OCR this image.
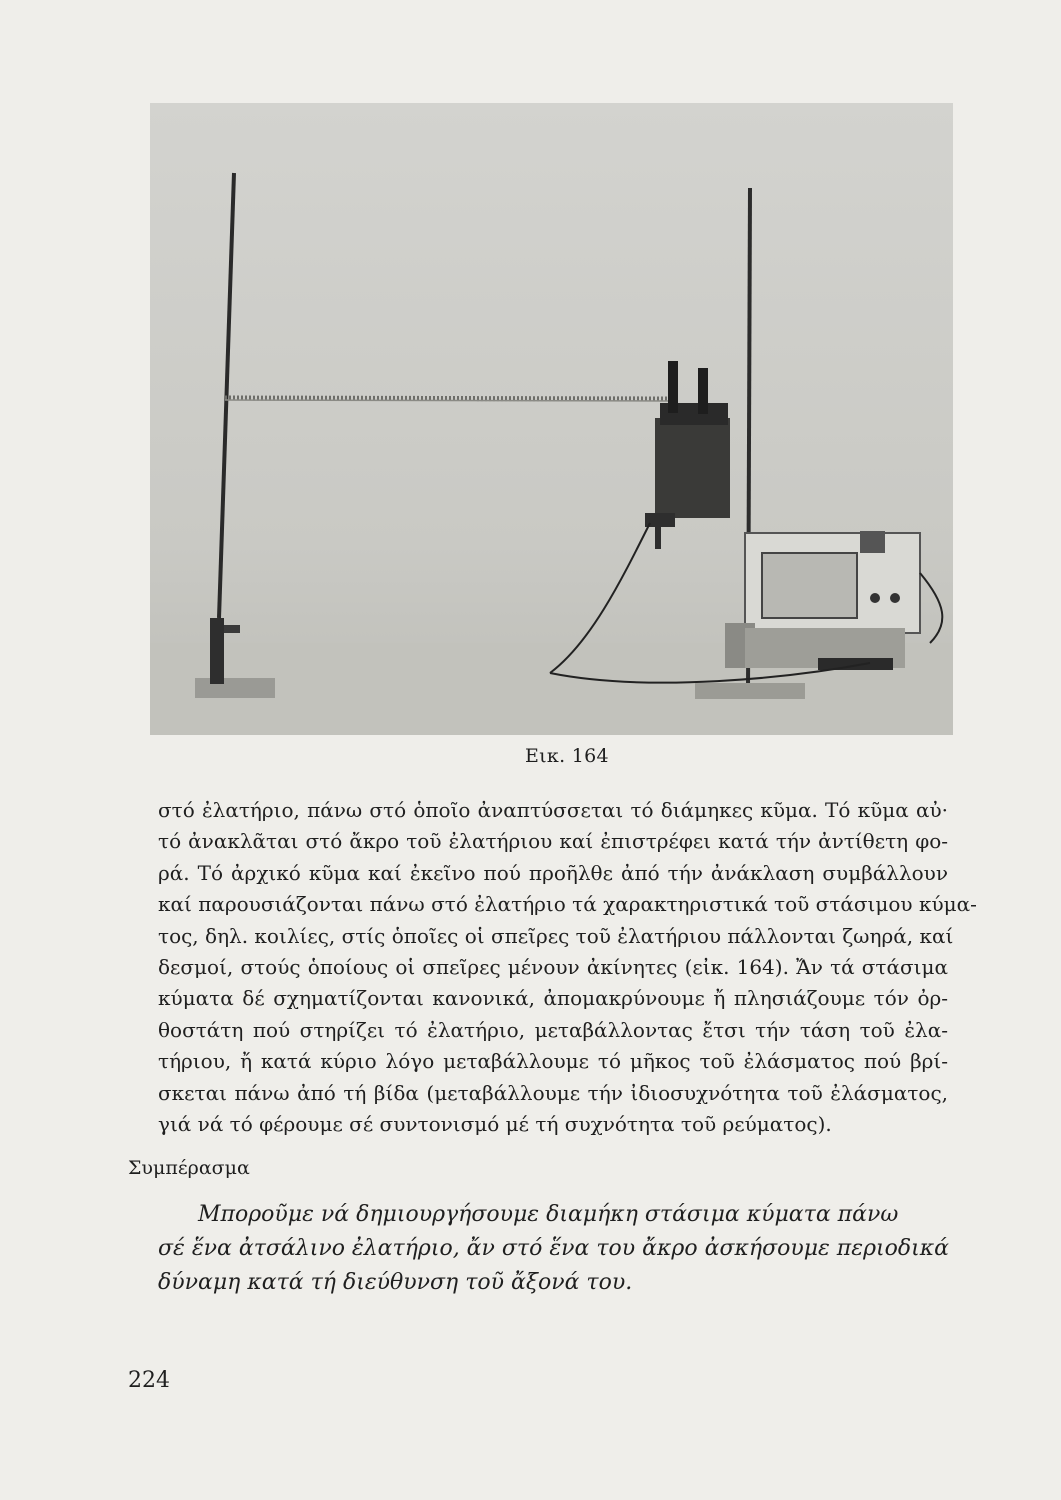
Εικ. 164
στό ἐλατήριο, πάνω στό ὁποῖο ἀναπτύσσεται τό διάμηκες κῦμα. Τό κῦμα αὐ·
τό ἀνακλᾶται στό ἄκρο τοῦ ἐλατήριου καί ἐπιστρέφει κατά τήν ἀντίθετη φο-
ρά. Τό ἀρχικό κῦμα καί ἐκεῖνο πού προῆλθε ἀπό τήν ἀνάκλαση συμβάλλουν
καί παρουσιάζονται πάνω στό ἐλατήριο τά χαρακτηριστικά τοῦ στάσιμου κύμα-
τος, δηλ. κοιλίες, στίς ὁποῖες οἱ σπεῖρες τοῦ ἐλατήριου πάλλονται ζωηρά, καί
δεσμοί, στούς ὁποίους οἱ σπεῖρες μένουν ἀκίνητες (εἰκ. 164). Ἄν τά στάσιμα
κύματα δέ σχηματίζονται κανονικά, ἀπομακρύνουμε ἤ πλησιάζουμε τόν ὀρ-
θοστάτη πού στηρίζει τό ἐλατήριο, μεταβάλλοντας ἔτσι τήν τάση τοῦ ἐλα-
τήριου, ἤ κατά κύριο λόγο μεταβάλλουμε τό μῆκος τοῦ ἐλάσματος πού βρί-
σκεται πάνω ἀπό τή βίδα (μεταβάλλουμε τήν ἰδιοσυχνότητα τοῦ ἐλάσματος,
γιά νά τό φέρουμε σέ συντονισμό μέ τή συχνότητα τοῦ ρεύματος).
Συμπέρασμα
Μποροῦμε νά δημιουργήσουμε διαμήκη στάσιμα κύματα πάνω
σέ ἕνα ἀτσάλινο ἐλατήριο, ἄν στό ἕνα του ἄκρο ἀσκήσουμε περιοδικά
δύναμη κατά τή διεύθυνση τοῦ ἄξονά του.
224
